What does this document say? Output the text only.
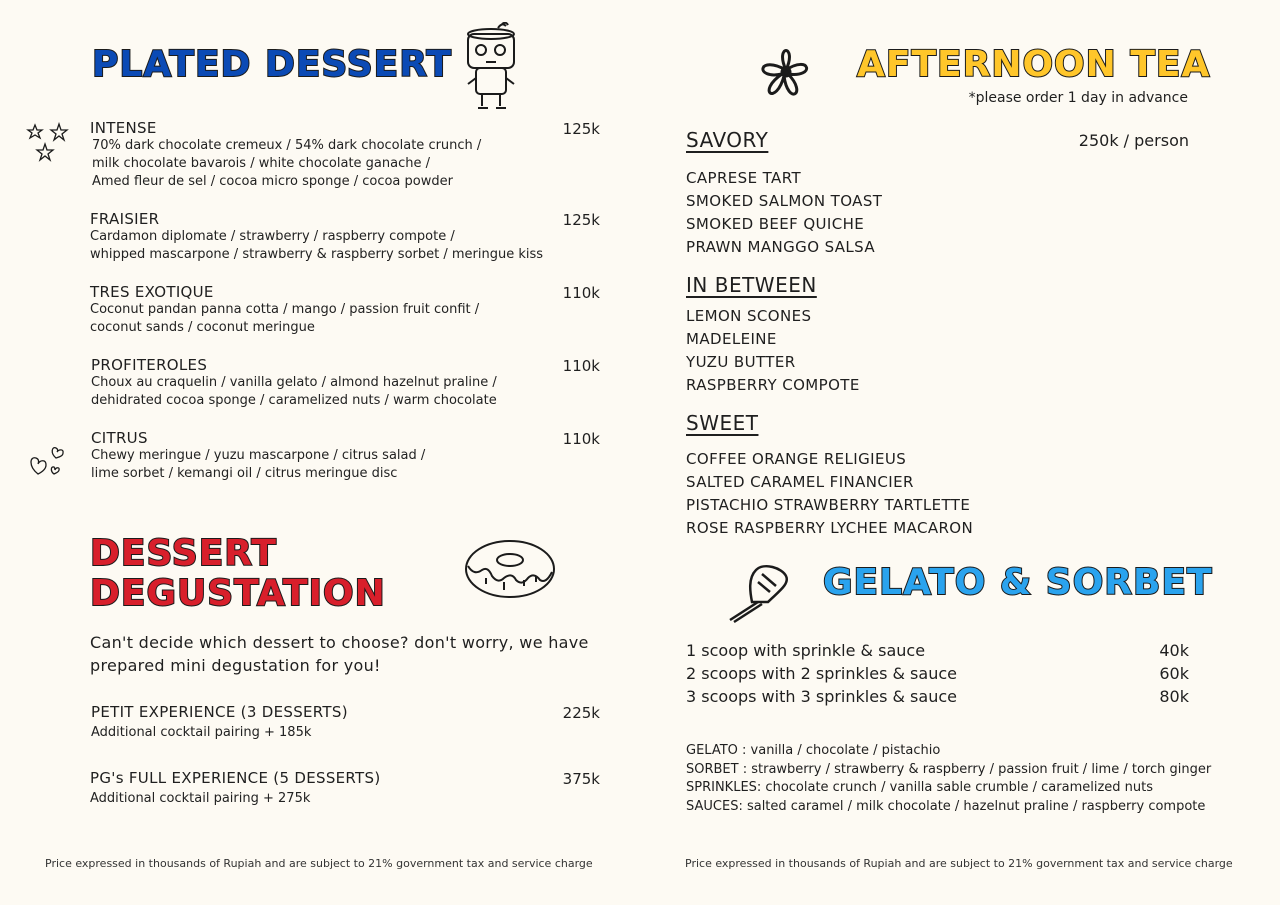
PLATED DESSERT
INTENSE	125k
70% dark chocolate cremeux / 54% dark chocolate crunch /
milk chocolate bavarois / white chocolate ganache /
Amed fleur de sel / cocoa micro sponge / cocoa powder
FRAISIER	125k
Cardamon diplomate / strawberry / raspberry compote /
whipped mascarpone / strawberry & raspberry sorbet / meringue kiss
TRES EXOTIQUE	110k
Coconut pandan panna cotta / mango / passion fruit confit /
coconut sands / coconut meringue
PROFITEROLES	110k
Choux au craquelin / vanilla gelato / almond hazelnut praline /
dehidrated cocoa sponge / caramelized nuts / warm chocolate
CITRUS	110k
Chewy meringue / yuzu mascarpone / citrus salad /
lime sorbet / kemangi oil / citrus meringue disc
DESSERT
DEGUSTATION
Can't decide which dessert to choose? don't worry, we have
prepared mini degustation for you!
PETIT EXPERIENCE (3 DESSERTS)	225k
Additional cocktail pairing + 185k
PG's FULL EXPERIENCE (5 DESSERTS)	375k
Additional cocktail pairing + 275k
Price expressed in thousands of Rupiah and are subject to 21% government tax and service charge
AFTERNOON TEA
*please order 1 day in advance
SAVORY	250k / person
CAPRESE TART
SMOKED SALMON TOAST
SMOKED BEEF QUICHE
PRAWN MANGGO SALSA
IN BETWEEN
LEMON SCONES
MADELEINE
YUZU BUTTER
RASPBERRY COMPOTE
SWEET
COFFEE ORANGE RELIGIEUS
SALTED CARAMEL FINANCIER
PISTACHIO STRAWBERRY TARTLETTE
ROSE RASPBERRY LYCHEE MACARON
GELATO & SORBET
1 scoop with sprinkle & sauce	40k
2 scoops with 2 sprinkles & sauce	60k
3 scoops with 3 sprinkles & sauce	80k
GELATO : vanilla / chocolate / pistachio
SORBET : strawberry / strawberry & raspberry / passion fruit / lime / torch ginger
SPRINKLES: chocolate crunch / vanilla sable crumble / caramelized nuts
SAUCES: salted caramel / milk chocolate / hazelnut praline / raspberry compote
Price expressed in thousands of Rupiah and are subject to 21% government tax and service charge
